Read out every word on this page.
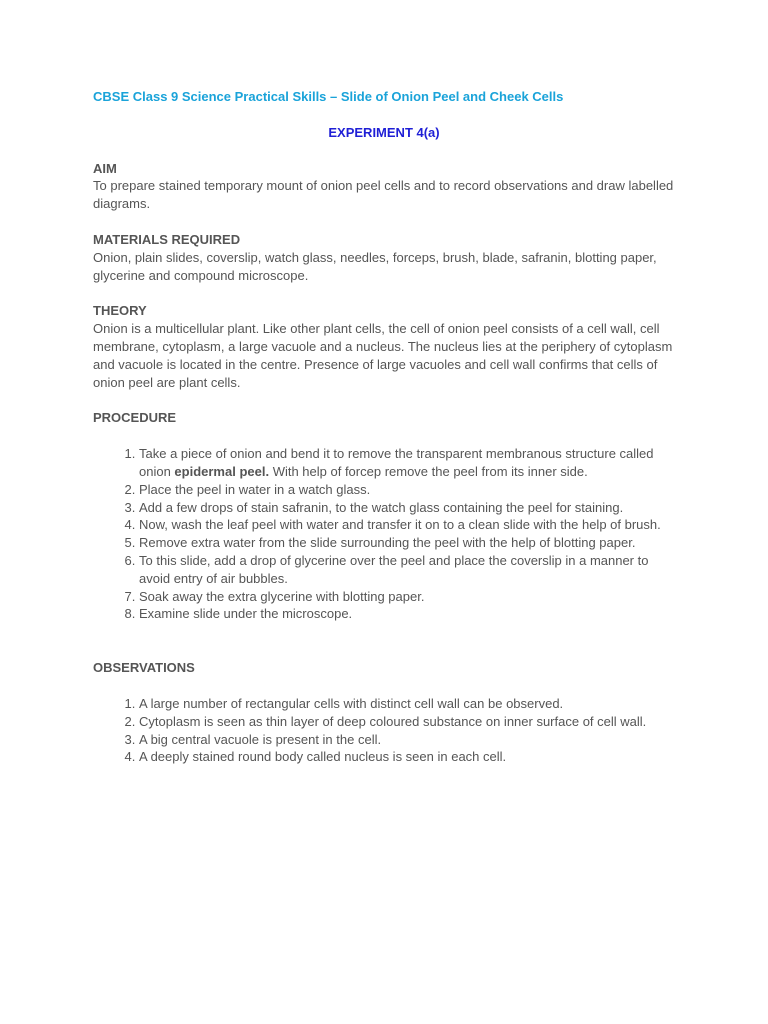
CBSE Class 9 Science Practical Skills – Slide of Onion Peel and Cheek Cells

EXPERIMENT 4(a)

AIM

To prepare stained temporary mount of onion peel cells and to record observations and draw labelled diagrams.

MATERIALS REQUIRED

Onion, plain slides, coverslip, watch glass, needles, forceps, brush, blade, safranin, blotting paper, glycerine and compound microscope.

THEORY

Onion is a multicellular plant. Like other plant cells, the cell of onion peel consists of a cell wall, cell membrane, cytoplasm, a large vacuole and a nucleus. The nucleus lies at the periphery of cytoplasm and vacuole is located in the centre. Presence of large vacuoles and cell wall confirms that cells of onion peel are plant cells.

PROCEDURE

1. Take a piece of onion and bend it to remove the transparent membranous structure called onion epidermal peel. With help of forcep remove the peel from its inner side.
2. Place the peel in water in a watch glass.
3. Add a few drops of stain safranin, to the watch glass containing the peel for staining.
4. Now, wash the leaf peel with water and transfer it on to a clean slide with the help of brush.
5. Remove extra water from the slide surrounding the peel with the help of blotting paper.
6. To this slide, add a drop of glycerine over the peel and place the coverslip in a manner to avoid entry of air bubbles.
7. Soak away the extra glycerine with blotting paper.
8. Examine slide under the microscope.

OBSERVATIONS

1. A large number of rectangular cells with distinct cell wall can be observed.
2. Cytoplasm is seen as thin layer of deep coloured substance on inner surface of cell wall.
3. A big central vacuole is present in the cell.
4. A deeply stained round body called nucleus is seen in each cell.
